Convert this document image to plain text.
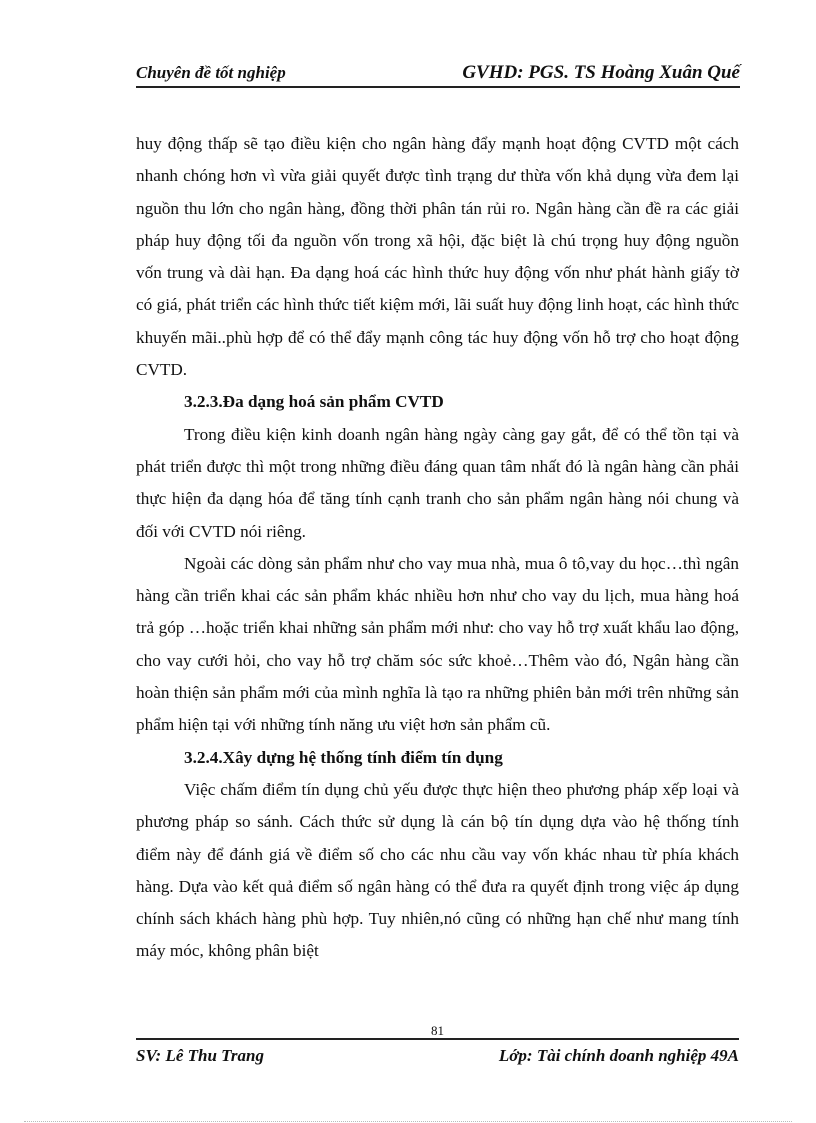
Chuyên đề tốt nghiệp	GVHD: PGS. TS Hoàng Xuân Quế

huy động thấp sẽ tạo điều kiện cho ngân hàng đẩy mạnh hoạt động CVTD một cách nhanh chóng hơn vì vừa giải quyết được tình trạng dư thừa vốn khả dụng vừa đem lại nguồn thu lớn cho ngân hàng, đồng thời phân tán rủi ro. Ngân hàng cần đề ra các giải pháp huy động tối đa nguồn vốn trong xã hội, đặc biệt là chú trọng huy động nguồn vốn trung và dài hạn. Đa dạng hoá các hình thức huy động vốn như phát hành giấy tờ có giá, phát triển các hình thức tiết kiệm mới, lãi suất huy động linh hoạt, các hình thức khuyến mãi..phù hợp để có thể đẩy mạnh công tác huy động vốn hỗ trợ cho hoạt động CVTD.

3.2.3.Đa dạng hoá sản phẩm CVTD

Trong điều kiện kinh doanh ngân hàng ngày càng gay gắt, để có thể tồn tại và phát triển được thì một trong những điều đáng quan tâm nhất đó là ngân hàng cần phải thực hiện đa dạng hóa để tăng tính cạnh tranh cho sản phẩm ngân hàng nói chung và đối với CVTD nói riêng.

Ngoài các dòng sản phẩm như cho vay mua nhà, mua ô tô,vay du học…thì ngân hàng cần triển khai các sản phẩm khác nhiều hơn như cho vay du lịch, mua hàng hoá trả góp …hoặc triển khai những sản phẩm mới như: cho vay hỗ trợ xuất khẩu lao động, cho vay cưới hỏi, cho vay hỗ trợ chăm sóc sức khoẻ…Thêm vào đó, Ngân hàng cần hoàn thiện sản phẩm mới của mình nghĩa là tạo ra những phiên bản mới trên những sản phẩm hiện tại với những tính năng ưu việt hơn sản phẩm cũ.

3.2.4.Xây dựng hệ thống tính điểm tín dụng

Việc chấm điểm tín dụng chủ yếu được thực hiện theo phương pháp xếp loại và phương pháp so sánh. Cách thức sử dụng là cán bộ tín dụng dựa vào hệ thống tính điểm này để đánh giá về điểm số cho các nhu cầu vay vốn khác nhau từ phía khách hàng. Dựa vào kết quả điểm số ngân hàng có thể đưa ra quyết định trong việc áp dụng chính sách khách hàng phù hợp. Tuy nhiên,nó cũng có những hạn chế như mang tính máy móc, không phân biệt

81
SV: Lê Thu Trang	Lớp: Tài chính doanh nghiệp 49A
